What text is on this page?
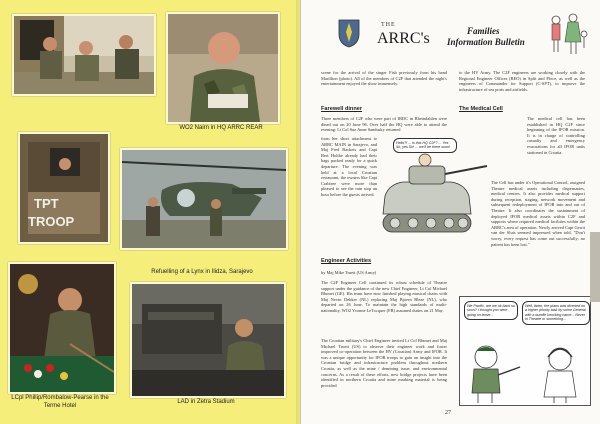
WO2 Nairn in HQ ARRC REAR
TPT
TROOP
Refuelling of a Lynx in Ilidza, Sarajevo
LCpl Phillip/Rombalow-Pearse in the Terme Hotel
LAD in Zetra Stadium
THE
ARRC's	Families
Information Bulletin
scene for the arrival of the singer Fish previously from his band Marillion (photo). All of the members of C2F that attended the night's entertainment enjoyed the show immensely.
Farewell dinner
Three members of C2F who were part of IRDC in Rheindahlen were dined out on 20 June 96. Over half the HQ were able to attend the evening: Lt Col Sue Anne Sandusky returned
from her short attachment to ARRC MAIN in Sarajevo, and Maj Fred Backeis and Capt Bert Holthe already had their bags packed ready for a quick departure. The evening was held at a local Croatian restaurant, the owners like Capt Crabtree were more than pleased to see the rain stop an hour before the guests arrived.
Hello?! ... is this HQ C2F? ... Yes Sir, yes Sir! ... we'll be there soon!
Engineer Activities
by Maj Mike Truett (US Army)
The C2F Engineer Cell continued its robust schedule of Theatre support under the guidance of the new Chief Engineer, Lt Col Michael Blumet (GE). His team have now finished playing musical chairs with Maj Nevin Dekker (NL) replacing Maj Bjoern Bleze (NL), who departed on 26 June. To maintain the high standards of multi-nationality, WO2 Yvonne LeTocquer (FR) assumed duties on 21 May.
The Croatian military's Chief Engineer invited Lt Col Blumet and Maj Michael Truett (US) to observe their engineer work and foster improved co-operation between the HV (Croatian) Army and IFOR. It was a unique opportunity for IFOR troops to gain an insight into the Croatian bridge and infrastructure problem throughout northern Croatia, as well as the mine / demining issue, and environmental concerns. As a result of these efforts, new bridge projects have been identified in northern Croatia and mine marking material is being provided
to the HV Army. The C2F engineers are working closely with the Regional Engineer Offices (REO) in Split and Ploce, as well as the engineers of Commander for Support (C-SPT), to improve the infrastructure of sea ports and airfields.
The Medical Cell
The medical cell has been established in HQ C2F since beginning of the IFOR mission. It is in charge of controlling casualty and emergency evacuations for all IFOR units stationed in Croatia.
The Cell has under it's Operational Control, assigned Theatre medical assets including dispensaries, medical centres. It also provides medical support during reception, staging, network movement and subsequent redeployment of IFOR into and out of Theatre. It also coordinates the sustainment of deployed IFOR medical assets within C2F and supports where required medical facilities within the ARRC's area of operation. Newly arrived Capt Gerrit van der Sluis seemed impressed when told, "Don't worry, every request has come out successfully; no patient has been lost."
We Pacific, are we ok back so soon? I thought you were going on leave...
Well, listen, the plans was diverted on a higher priority task by some General with a bundle knocking name... Never in Theatre or something...
27
